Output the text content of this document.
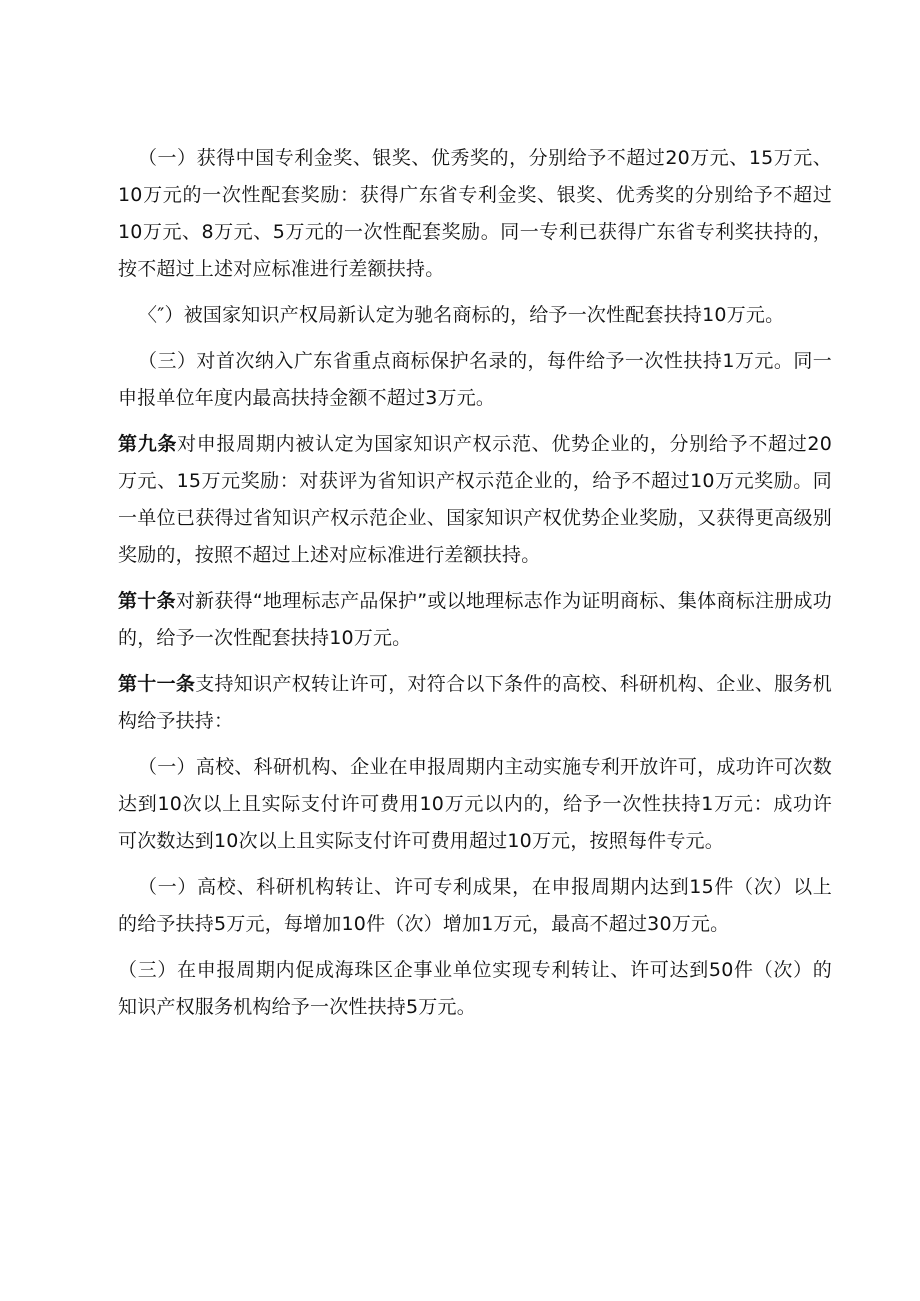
（一）获得中国专利金奖、银奖、优秀奖的，分别给予不超过20万元、15万元、10万元的一次性配套奖励：获得广东省专利金奖、银奖、优秀奖的分别给予不超过10万元、8万元、5万元的一次性配套奖励。同一专利已获得广东省专利奖扶持的，按不超过上述对应标准进行差额扶持。

〈″）被国家知识产权局新认定为驰名商标的，给予一次性配套扶持10万元。

（三）对首次纳入广东省重点商标保护名录的，每件给予一次性扶持1万元。同一申报单位年度内最高扶持金额不超过3万元。

第九条对申报周期内被认定为国家知识产权示范、优势企业的，分别给予不超过20万元、15万元奖励：对获评为省知识产权示范企业的，给予不超过10万元奖励。同一单位已获得过省知识产权示范企业、国家知识产权优势企业奖励，又获得更高级别奖励的，按照不超过上述对应标准进行差额扶持。

第十条对新获得“地理标志产品保护”或以地理标志作为证明商标、集体商标注册成功的，给予一次性配套扶持10万元。

第十一条支持知识产权转让许可，对符合以下条件的高校、科研机构、企业、服务机构给予扶持：

（一）高校、科研机构、企业在申报周期内主动实施专利开放许可，成功许可次数达到10次以上且实际支付许可费用10万元以内的，给予一次性扶持1万元：成功许可次数达到10次以上且实际支付许可费用超过10万元，按照每件专元。

（一）高校、科研机构转让、许可专利成果，在申报周期内达到15件（次）以上的给予扶持5万元，每增加10件（次）增加1万元，最高不超过30万元。

（三）在申报周期内促成海珠区企事业单位实现专利转让、许可达到50件（次）的知识产权服务机构给予一次性扶持5万元。
